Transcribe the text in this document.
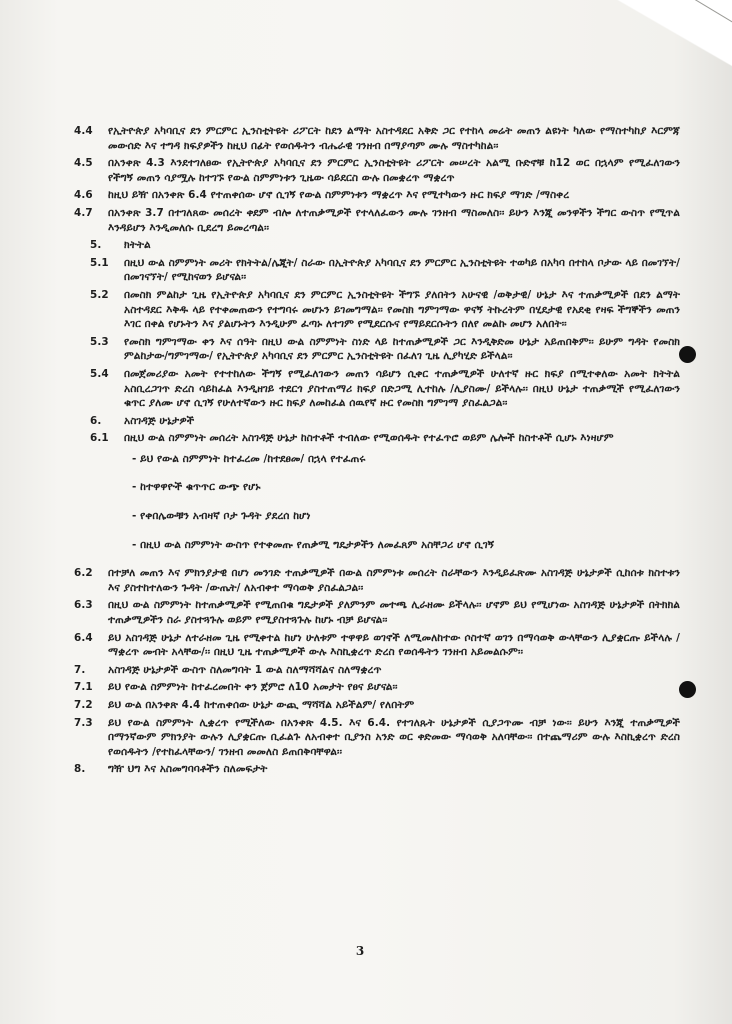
4.4	የኢትዮጵያ አካባቢና ደን ምርምር ኢንስቲትዩት ሪፖርት ከደን ልማት አስተዳደር አቅድ ጋር የተከላ መሬት መጠን ልዩነት ካለው የማስተካከያ እርምጃ መውሰድ እና ተግዳ ክፍያዎችን ከዚህ በፊት የወሰዱትን ብሔራዊ ገንዘብ በማያጣም ሙሉ ማስተካከል፡፡
4.5	በአንቀጽ 4.3 እንደተገለፀው የኢትዮጵያ አካባቢና ደን ምርምር ኢንስቲትዩት ሪፖርት መሠረት አልሚ ቡድኖቹ ከ12 ወር በኋላም የሚፈለገውን የችግኝ መጠን ሳያሟሉ ከተገኙ የውል ስምምነቱን ጊዜው ሳይደርስ ውሉ በመቋረጥ ማቋረጥ
4.6	ከዚህ ይዥ በአንቀጽ 6.4 የተጠቀሰው ሆኖ ሲገኝ የውል ስምምነቱን ማቋረጥ እና የሚተካውን ዙር ክፍያ ማገድ /ማስቀረ
4.7	በአንቀጽ 3.7 በተገለጸው መሰረት ቀደም ብሎ ለተጠቃሚዎች የተላለፈውን ሙሉ ገንዘብ ማስመለስ፡፡ ይሁን እንጂ መንዋችን ችግር ውስጥ የሚጥል እንዳይሆን እንዲመለሱ ቢደረግ ይመረጣል፡፡
5.	ክትትል
5.1	በዚህ ውል ስምምነት መሪት የክትትል/ሌጂት/ ስራው በኢትዮጵያ አካባቢና ደን ምርምር ኢንስቲትዩት ተወካይ በአካባ በተከላ ቦታው ላይ በመገኘት/በመገናኘት/ የሚከናወን ይሆናል፡፡
5.2	በመስክ ምልከታ ጊዜ የኢትዮጵያ አካባቢና ደን ምርምር ኢንስቲትዩት ችግኙ ያለበትን አሁናዊ /ወቅታዊ/ ሁኔታ እና ተጠቃሚዎች በደን ልማት አስተዳደር እቅዱ ላይ የተቀመጠውን የተግባሩ መሆኑን ይገመግማል፡፡ የመስክ ግምገማው ዋናኝ ትኩረትም በሂደታዊ የአደቂ የዛፍ ችግኞችን መጠን እገር በቀል የሆኑትን እና ያልሆኑትን እንዲሁም ፈጣኑ ለተገም የሚደርሱና የማይደርሱትን በለየ መልኩ መሆን አለበት፡፡
5.3	የመስክ ግምገማው ቀን እና ሰዓት በዚህ ውል ስምምነት ስነድ ላይ ከተጠቃሚዎች ጋር እንዲቅድመ ሁኔታ አይጠበቅም፡፡ ይሁም ግዳት የመስክ ምልከታው/ግምገማው/ የኢትዮጵያ አካባቢና ደን ምርምር ኢንስቲትዩት በፈለገ ጊዜ ሊያካሂድ ይችላል፡፡
5.4	በመጀመሪያው አመት የተተከለው ችግኝ የሚፈለገውን መጠን ሳይሆን ሲቀር ተጠቃሚዎች ሁለተኛ ዙር ክፍያ በሚተቀለው አመት ክትትል አስቢረጋገጥ ድረስ ሳይከፈል እንዲዘገይ ተደርጎ ያስተጠማሪ ክፍያ በድጋሚ ሊተከሉ /ሊያስሙ/ ይችላሉ፡፡ በዚህ ሁኔታ ተጠቃሚች የሚፈለገውን ቁጥር ያለሙ ሆኖ ሲገኝ የሁለተኛውን ዙር ክፍያ ለመከፈል ሰዉየኛ ዙር የመስክ ግምገማ ያስፈልጋል፡፡
6.	አስገዳጅ ሁኔታዎች
6.1	በዚህ ውል ስምምነት መሰረት አስገዳጅ ሁኔታ ከስተቶች ተብለው የሚወሰዱት የተፈጥሮ ወይም ሌሎች ከስተቶች ሲሆኑ እነዛሆም
- ይህ የውል ስምምነት ከተፈረመ /ከተደፀመ/ በኋላ የተፈጠሩ
- ከተዋዋዮች ቁጥጥር ውጭ የሆኑ
- የቀበሌውቹን አብዛኛ ቦታ ጉዳት ያደረሰ ከሆነ
- በዚህ ውል ስምምነት ውስጥ የተቀመጡ የጠቃሚ ግዴታዎችን ለመፈጸም አስቸጋሪ ሆኖ ሲገኝ
6.2	በተቻለ መጠን እና ምክንያታዊ በሆነ መንገድ ተጠቃሚዎች በውል ስምምነቱ መሰረት ስራቸውን እንዲይፈጽሙ አስገዳጅ ሁኔታዎች ሲከሰቱ ክስተቱን እና ያስተከተለውን ጉዳት /ውጤት/ ለአብቀተ ማሳወቅ ያስፈልጋል፡፡
6.3	በዚህ ውል ስምምነት ከተጠቃሚዎች የሚጠበቁ ግዴታዎች ያለምንም መተጫ ሊራዘሙ ይችላሉ፡፡ ሆኖም ይህ የሚሆነው አስገዳጅ ሁኔታዎች በትክክል ተጠቃሚዎችን ስራ ያስተጓጉሉ ወይም የሚያስተጓጉሉ ከሆኑ ብቻ ይሆናል፡፡
6.4	ይህ አስገዳጅ ሁኔታ ለተራዘመ ጊዜ የሚቀተል ከሆነ ሁለቱም ተዋዋይ ወገኖች ለሚመለከተው ሶስተኛ ወገን በማሳወቅ ውላቸውን ሊያቋርጡ ይችላሉ /ማቋረጥ መብት አላቸው/፡፡ በዚህ ጊዜ ተጠቃሚዎች ውሉ እስኪቋረጥ ድረስ የወሰዱትን ገንዘብ አይመልሱም፡፡
7.	አስገዳጅ ሁኔታዎች ውስጥ ስለመግባት 1 ውል ስለማሻሻልና ስለማቋረጥ
7.1	ይህ የውል ስምምነት ከተፈረመበት ቀን ጀምሮ ለ10 አመታት የፀና ይሆናል፡፡
7.2	ይህ ውል በአንቀጽ 4.4 ከተጠቀሰው ሁኔታ ውጪ ማሻሻል አይችልም/ የለበትም
7.3	ይህ የውል ስምምነት ሊቋረጥ የሚችለው በአንቀጽ 4.5. እና 6.4. የተገለጹት ሁኔታዎች ሲያጋጥሙ ብቻ ነው፡፡ ይሁን እንጂ ተጠቃሚዎች በማንኛውም ምክንያት ውሉን ሊያቋርጡ ቢፈልጉ ለአብቀተ ቢያንስ አንድ ወር ቀድመው ማሳወቅ አለባቸው፡፡ በተጨማሪም ውሉ እስኪቋረጥ ድረስ የወሰዱትን /የተከፈላቸውን/ ገንዘብ መመለስ ይጠበቅባቸዋል፡፡
8.	ግዥ ህግ እና አስመግባባቶችን ስለመፍታት
3
